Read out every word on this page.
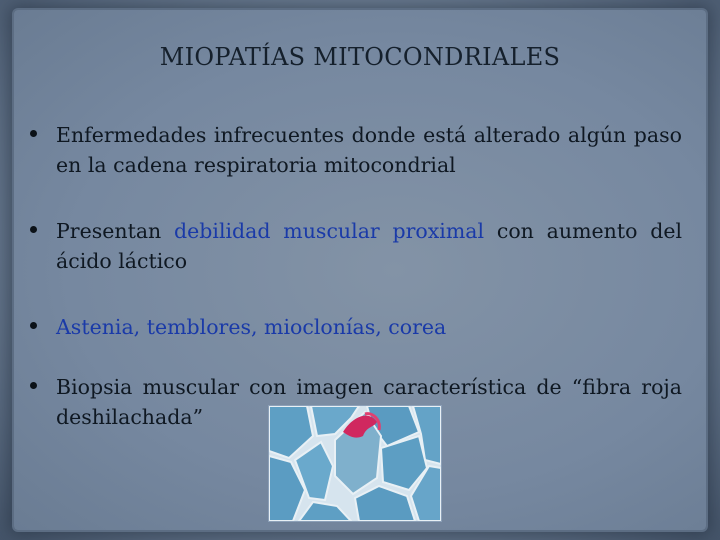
MIOPATÍAS MITOCONDRIALES
Enfermedades infrecuentes donde está alterado algún paso en la cadena respiratoria mitocondrial
Presentan debilidad muscular proximal con aumento del ácido láctico
Astenia, temblores, mioclonías, corea
Biopsia muscular con imagen característica de “fibra roja deshilachada”
